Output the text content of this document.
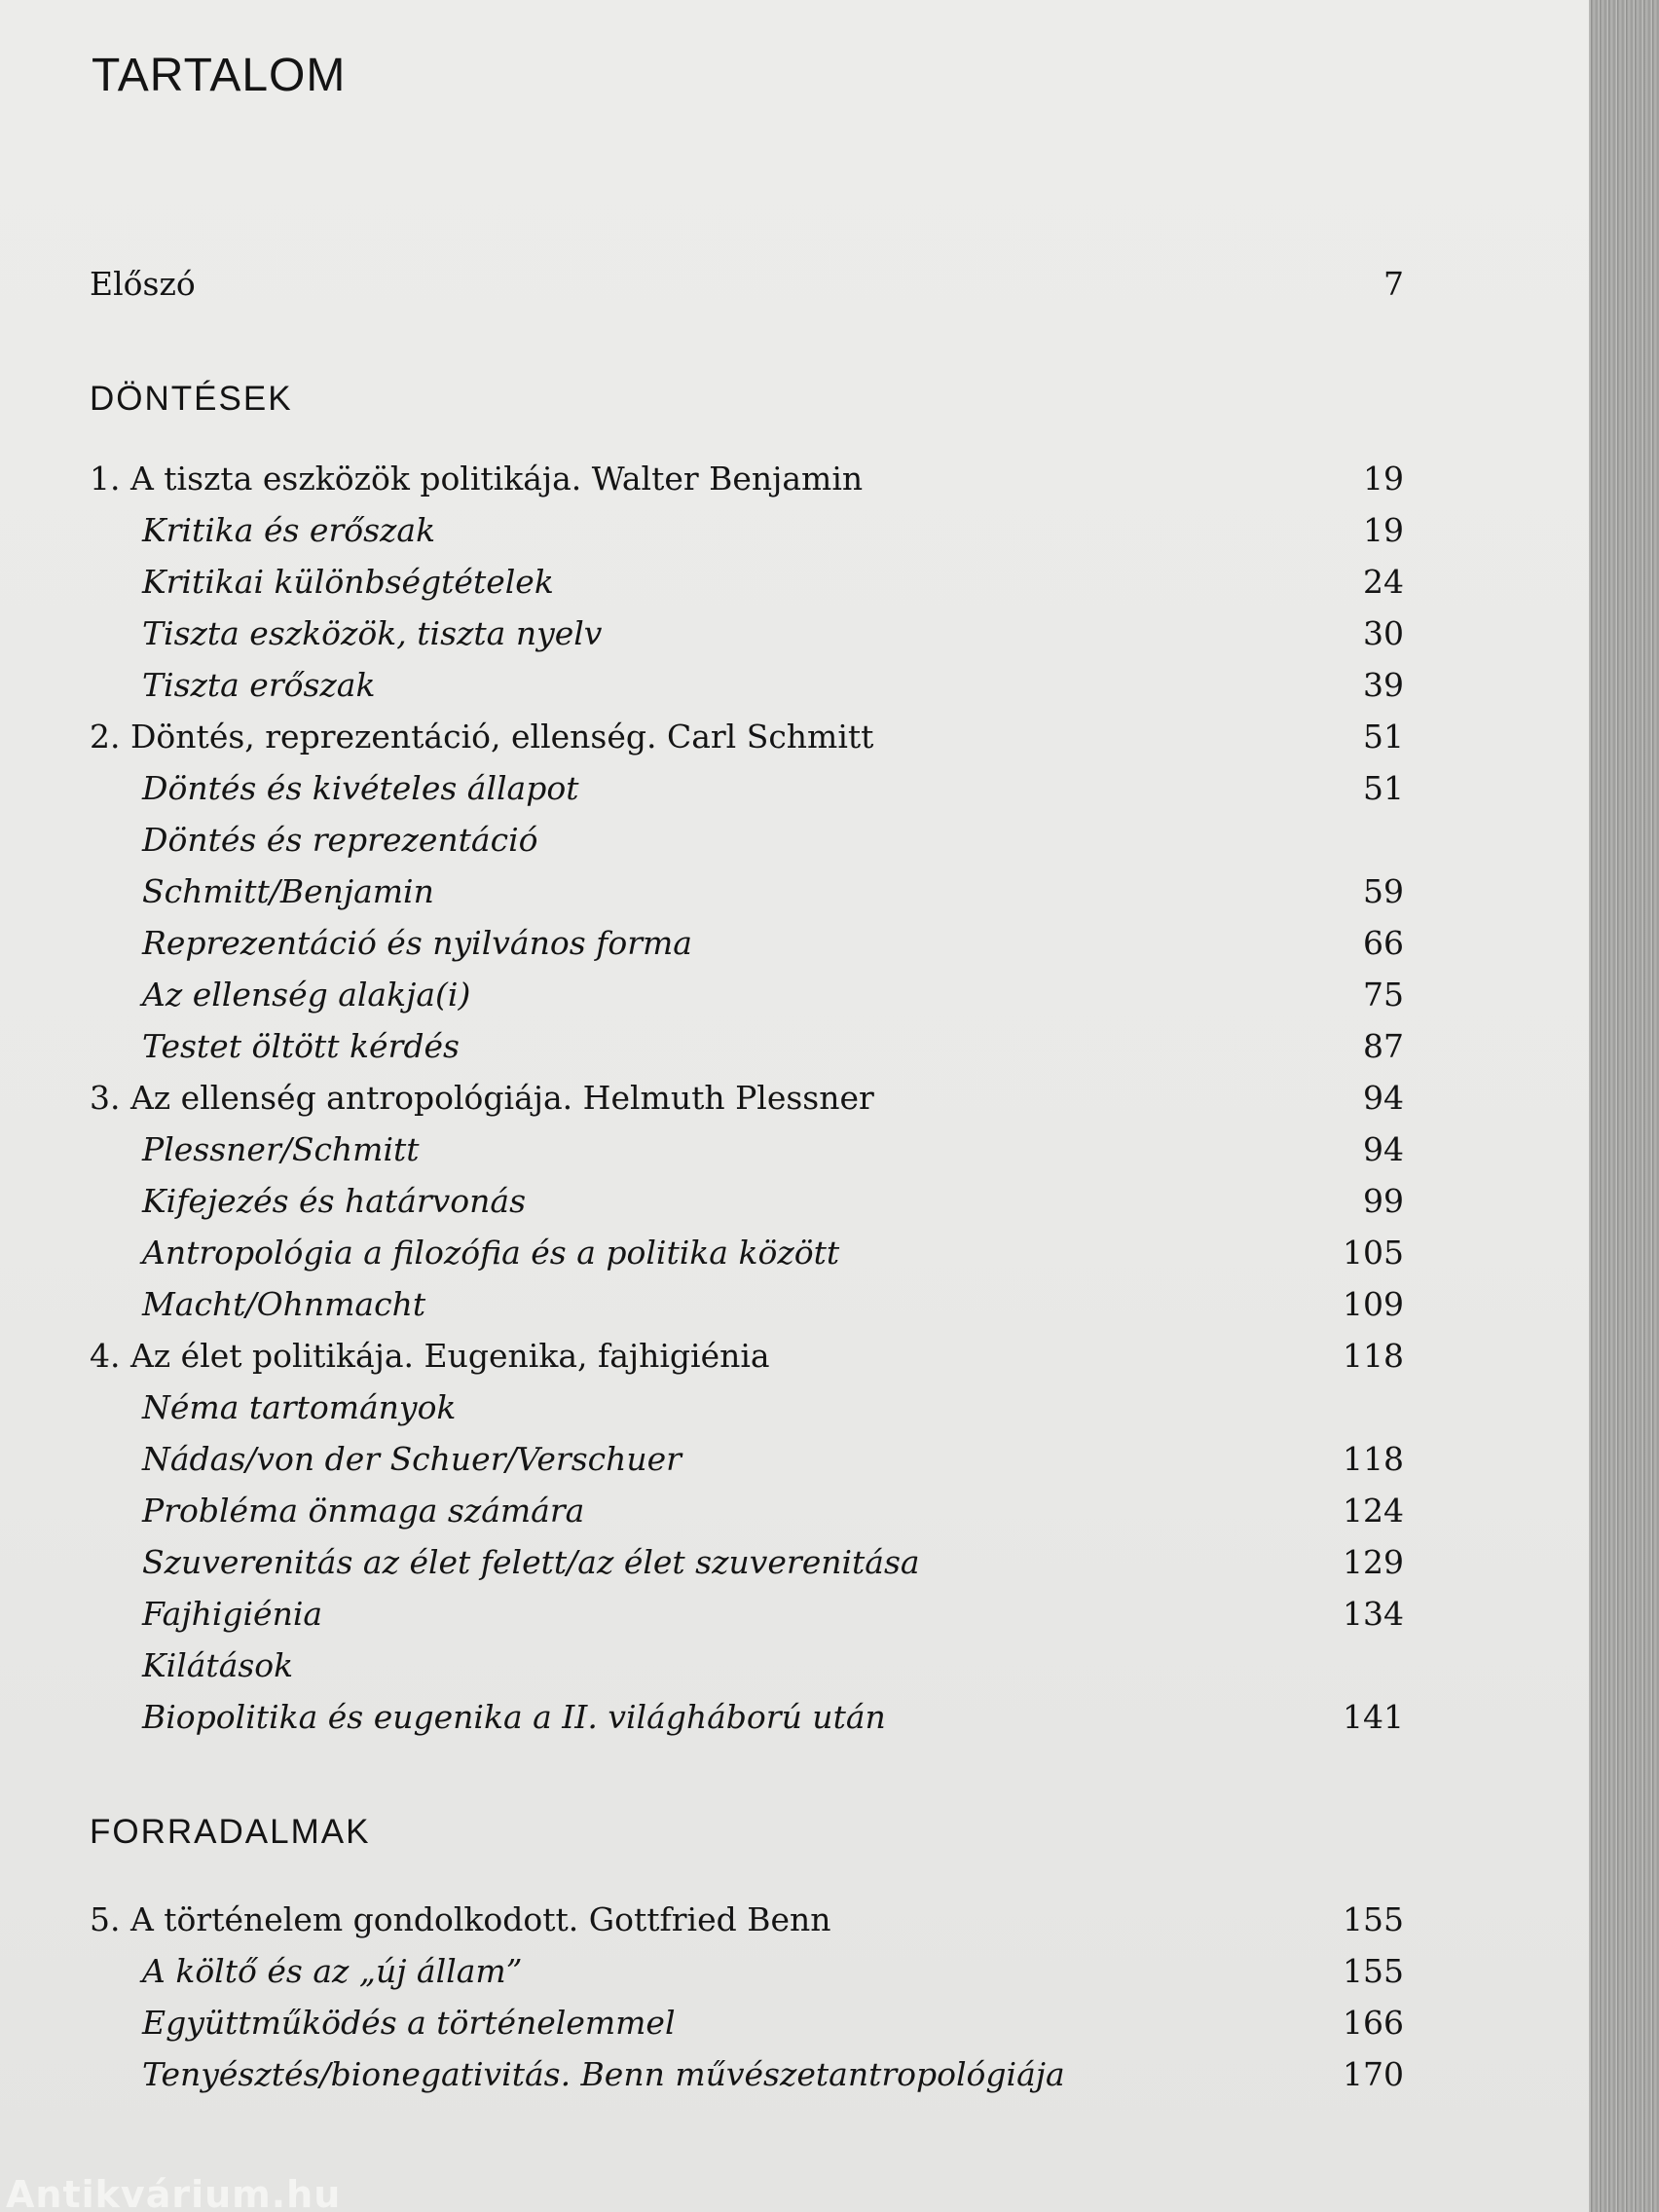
TARTALOM
Előszó	7
DÖNTÉSEK
1. A tiszta eszközök politikája. Walter Benjamin	19
Kritika és erőszak	19
Kritikai különbségtételek	24
Tiszta eszközök, tiszta nyelv	30
Tiszta erőszak	39
2. Döntés, reprezentáció, ellenség. Carl Schmitt	51
Döntés és kivételes állapot	51
Döntés és reprezentáció
Schmitt/Benjamin	59
Reprezentáció és nyilvános forma	66
Az ellenség alakja(i)	75
Testet öltött kérdés	87
3. Az ellenség antropológiája. Helmuth Plessner	94
Plessner/Schmitt	94
Kifejezés és határvonás	99
Antropológia a filozófia és a politika között	105
Macht/Ohnmacht	109
4. Az élet politikája. Eugenika, fajhigiénia	118
Néma tartományok
Nádas/von der Schuer/Verschuer	118
Probléma önmaga számára	124
Szuverenitás az élet felett/az élet szuverenitása	129
Fajhigiénia	134
Kilátások
Biopolitika és eugenika a II. világháború után	141
FORRADALMAK
5. A történelem gondolkodott. Gottfried Benn	155
A költő és az „új állam”	155
Együttműködés a történelemmel	166
Tenyésztés/bionegativitás. Benn művészetantropológiája	170
Antikvárium.hu
